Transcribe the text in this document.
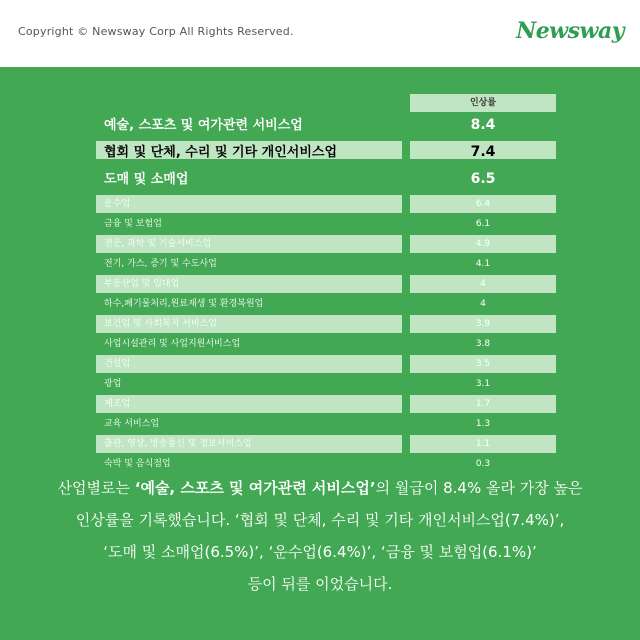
Copyright © Newsway Corp All Rights Reserved.	Newsway
인상률
예술, 스포츠 및 여가관련 서비스업	8.4
협회 및 단체, 수리 및 기타 개인서비스업	7.4
도매 및 소매업	6.5
운수업	6.4
금융 및 보험업	6.1
전문, 과학 및 기술서비스업	4.9
전기, 가스, 증기 및 수도사업	4.1
부동산업 및 임대업	4
하수,폐기물처리,원료재생 및 환경복원업	4
보건업 및 사회복지 서비스업	3.9
사업시설관리 및 사업지원서비스업	3.8
건설업	3.5
광업	3.1
제조업	1.7
교육 서비스업	1.3
출판, 영상, 방송통신 및 정보서비스업	1.1
숙박 및 음식점업	0.3
산업별로는 ‘예술, 스포츠 및 여가관련 서비스업’의 월급이 8.4% 올라 가장 높은
인상률을 기록했습니다. ‘협회 및 단체, 수리 및 기타 개인서비스업(7.4%)’,
‘도매 및 소매업(6.5%)’, ‘운수업(6.4%)’, ‘금융 및 보험업(6.1%)’
등이 뒤를 이었습니다.
